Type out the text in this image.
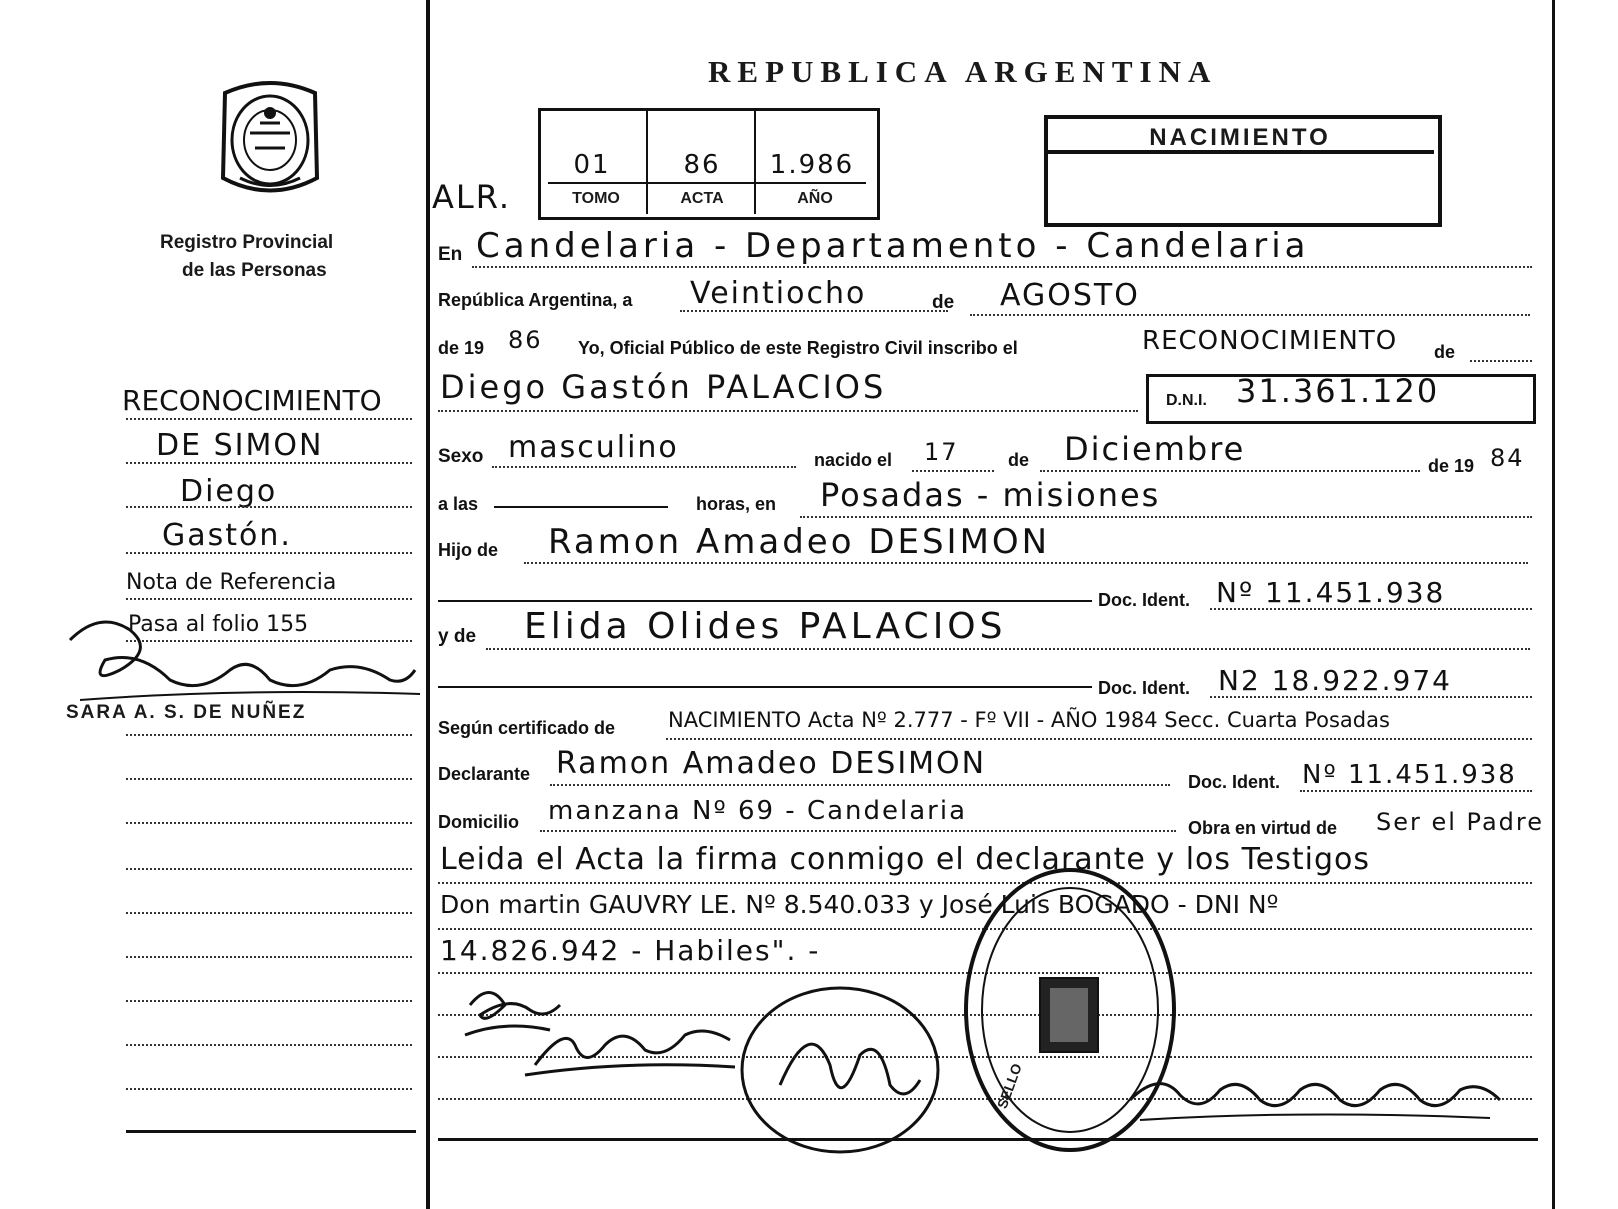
Registro Provincial
de las Personas
REPUBLICA ARGENTINA
ALR.
01	86	1.986
TOMO	ACTA	AÑO
NACIMIENTO
En Candelaria - Departamento - Candelaria
República Argentina, a Veintiocho	de AGOSTO
de 19 86 Yo, Oficial Público de este Registro Civil inscribo el	RECONOCIMIENTO de
Diego Gastón PALACIOS	D.N.I. 31.361.120
Sexo masculino	nacido el 17	de Diciembre	de 19 84
a las	horas, en Posadas - misiones
Hijo de Ramon Amadeo DESIMON
Doc. Ident. Nº 11.451.938
y de Elida Olides PALACIOS
Doc. Ident. N2 18.922.974
Según certificado de	NACIMIENTO Acta Nº 2.777 - Fº VII - AÑO 1984 Secc. Cuarta Posadas
Declarante Ramon Amadeo DESIMON
Doc. Ident. Nº 11.451.938
Domicilio manzana Nº 69 - Candelaria
Obra en virtud de Ser el Padre
Leida el Acta la firma conmigo el declarante y los Testigos
Don martin GAUVRY LE. Nº 8.540.033 y José Luis BOGADO - DNI Nº
14.826.942 - Habiles". -
RECONOCIMIENTO
DE SIMON
Diego
Gastón.
Nota de Referencia
Pasa al folio 155
SARA A. S. DE NUÑEZ
SELLO
